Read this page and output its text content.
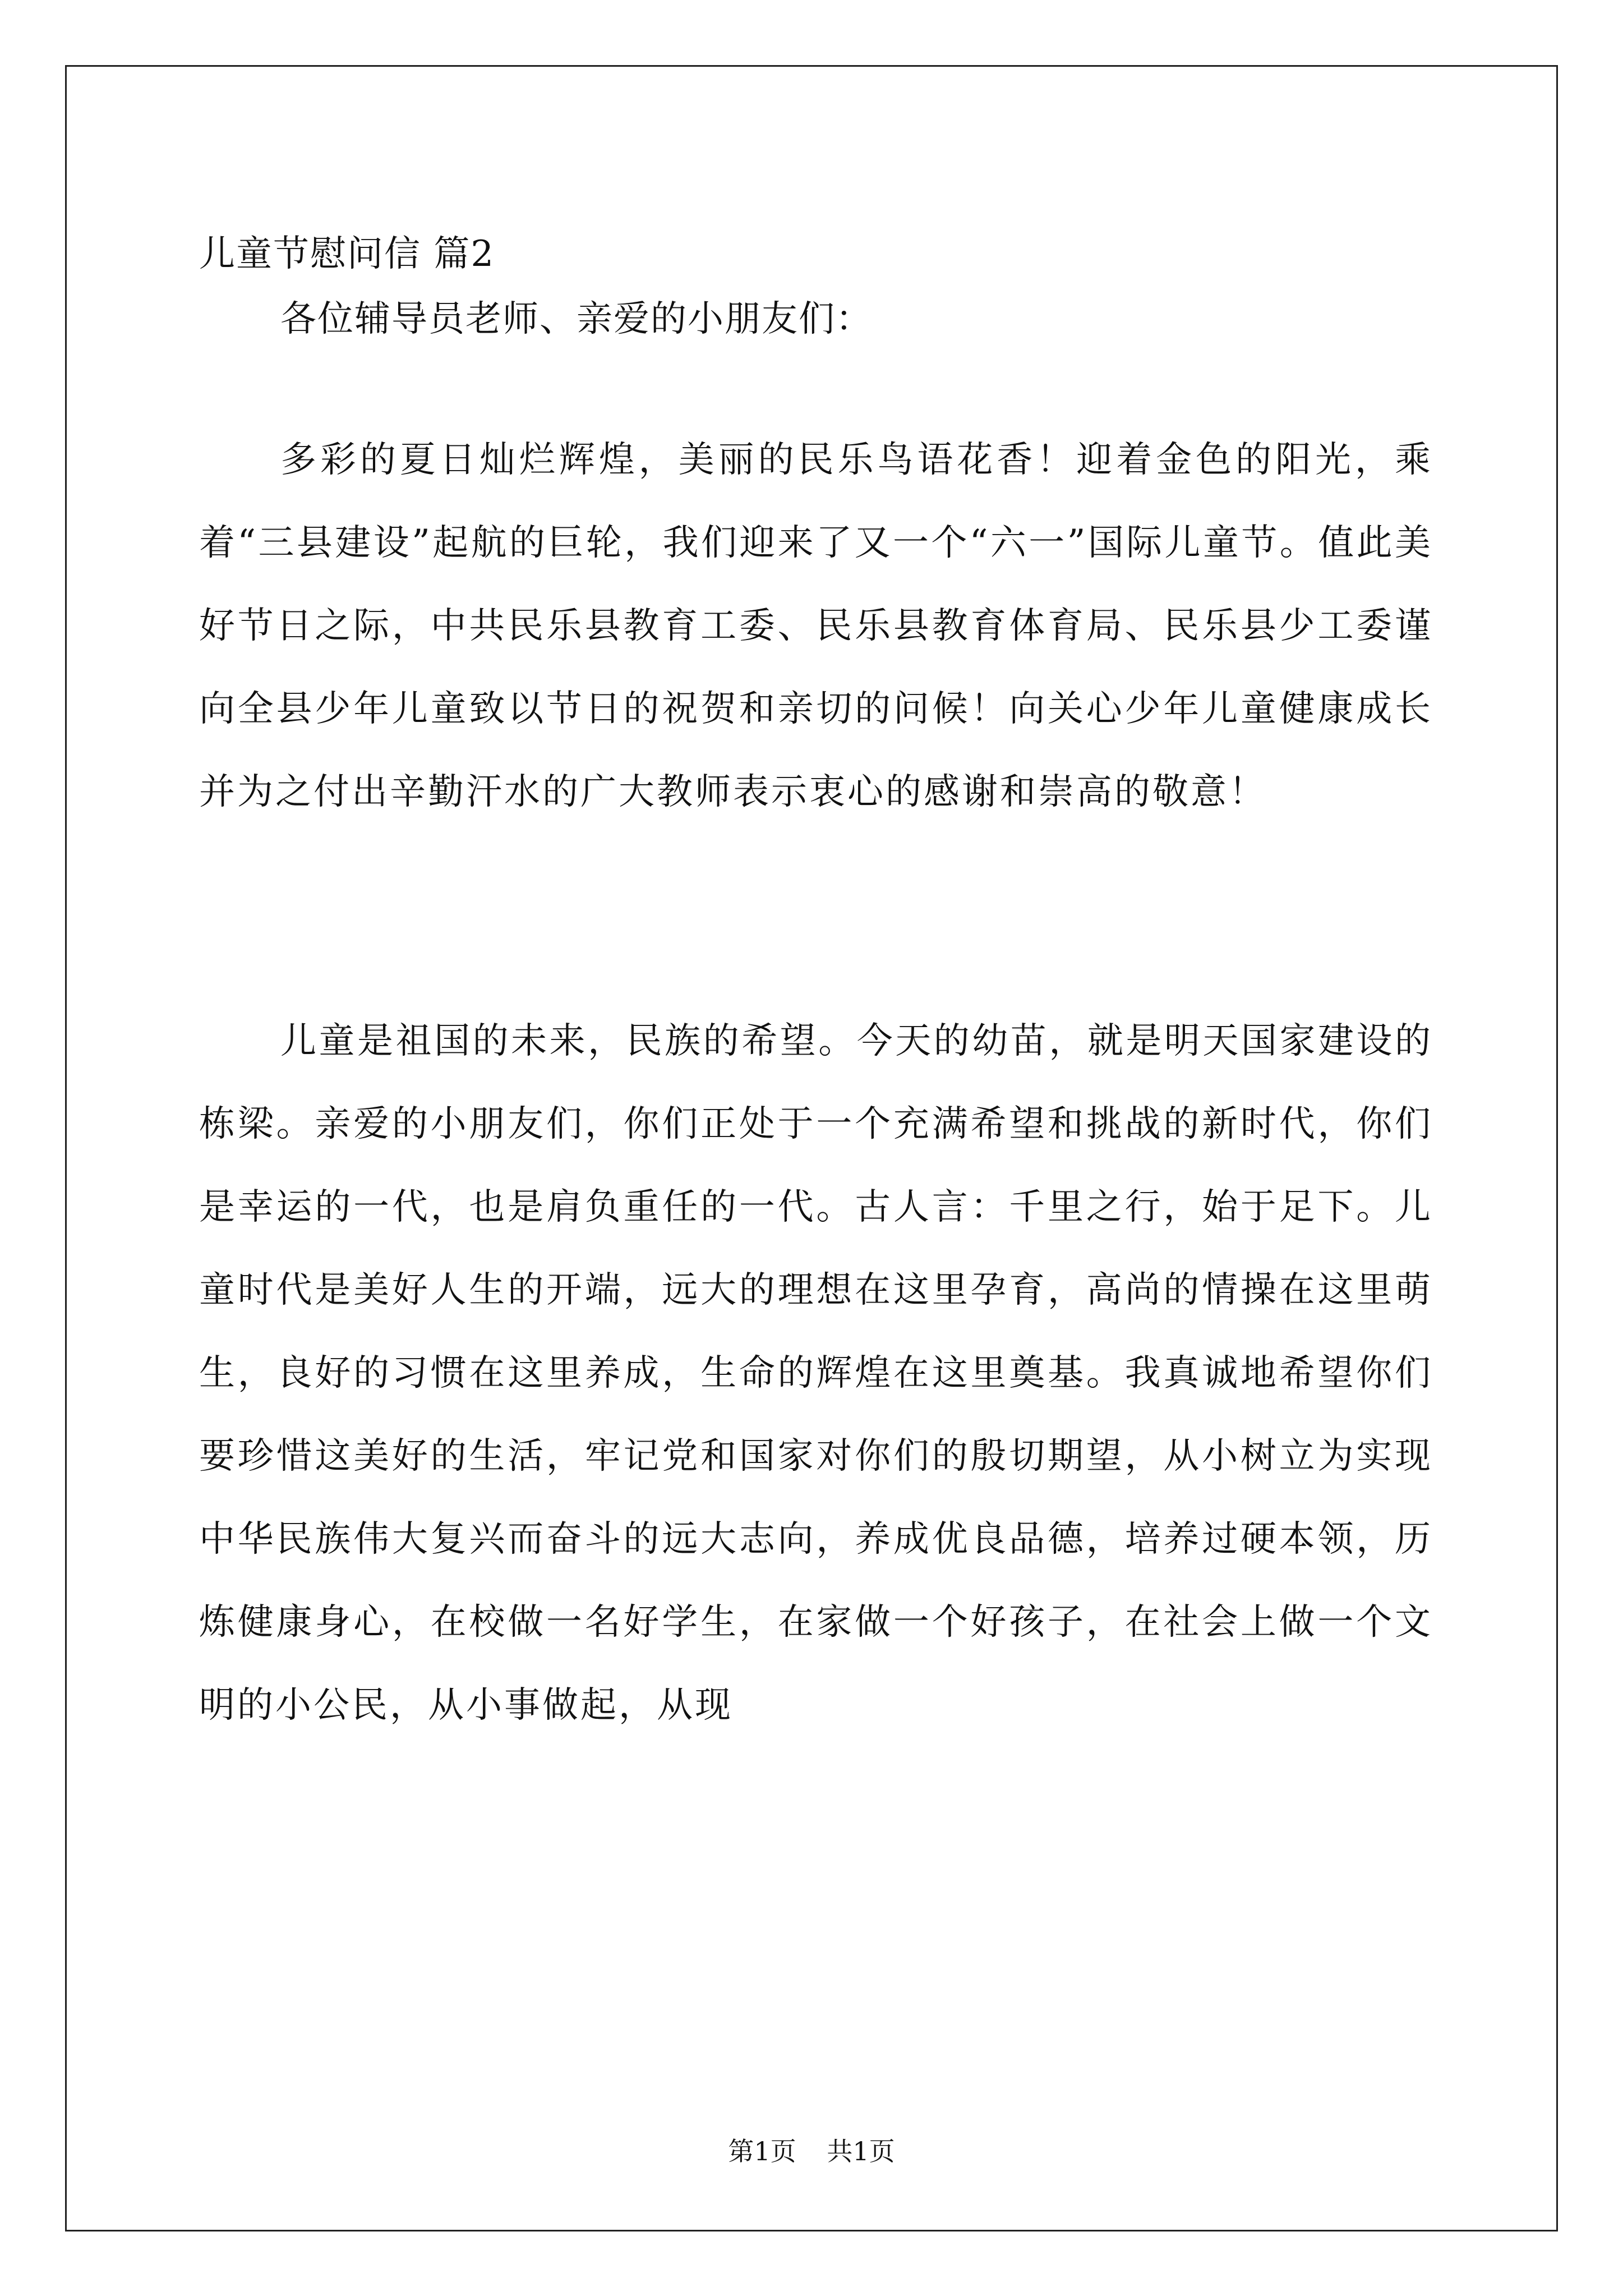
儿童节慰问信 篇2
各位辅导员老师、亲爱的小朋友们：

多彩的夏日灿烂辉煌，美丽的民乐鸟语花香！迎着金色的阳光，乘着“三县建设”起航的巨轮，我们迎来了又一个“六一”国际儿童节。值此美好节日之际，中共民乐县教育工委、民乐县教育体育局、民乐县少工委谨向全县少年儿童致以节日的祝贺和亲切的问候！向关心少年儿童健康成长并为之付出辛勤汗水的广大教师表示衷心的感谢和崇高的敬意！

儿童是祖国的未来，民族的希望。今天的幼苗，就是明天国家建设的栋梁。亲爱的小朋友们，你们正处于一个充满希望和挑战的新时代，你们是幸运的一代，也是肩负重任的一代。古人言：千里之行，始于足下。儿童时代是美好人生的开端，远大的理想在这里孕育，高尚的情操在这里萌生，良好的习惯在这里养成，生命的辉煌在这里奠基。我真诚地希望你们要珍惜这美好的生活，牢记党和国家对你们的殷切期望，从小树立为实现中华民族伟大复兴而奋斗的远大志向，养成优良品德，培养过硬本领，历炼健康身心，在校做一名好学生，在家做一个好孩子，在社会上做一个文明的小公民，从小事做起，从现

第1页 共1页
